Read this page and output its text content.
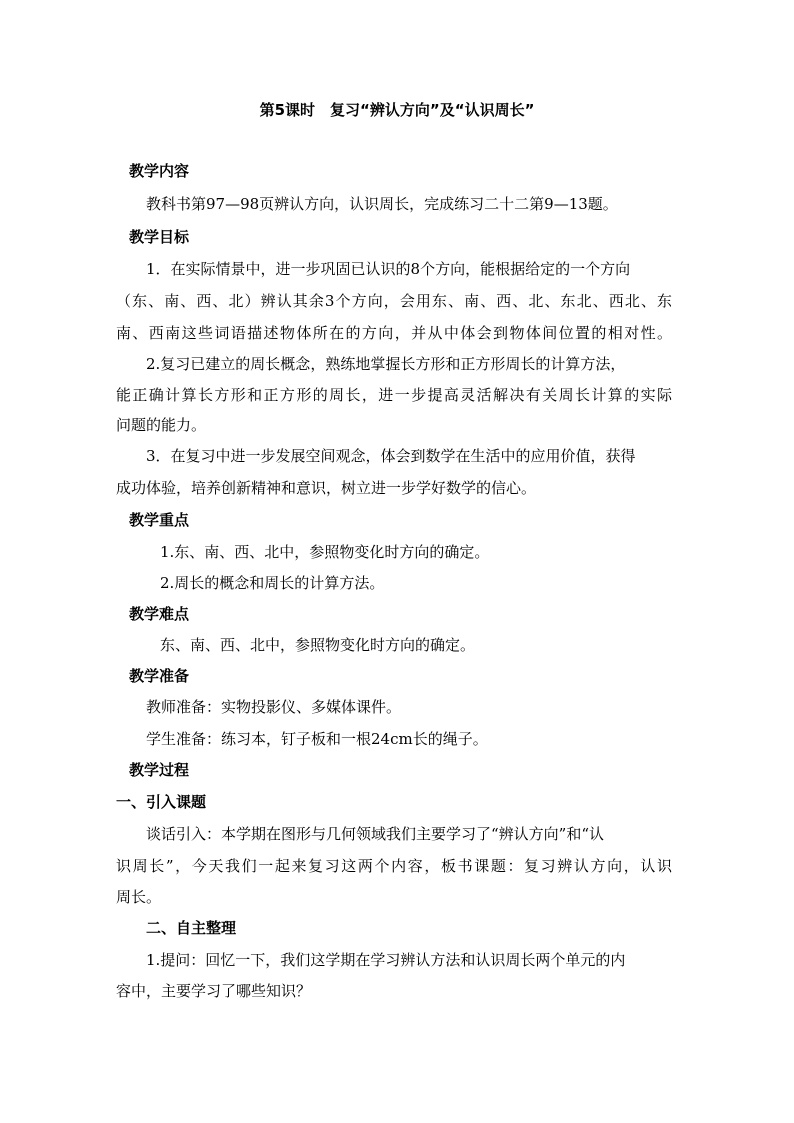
第5课时　复习“辨认方向”及“认识周长”
教学内容
教科书第97—98页辨认方向，认识周长，完成练习二十二第9—13题。
教学目标
1．在实际情景中，进一步巩固已认识的8个方向，能根据给定的一个方向
（东、南、西、北）辨认其余3个方向，会用东、南、西、北、东北、西北、东
南、西南这些词语描述物体所在的方向，并从中体会到物体间位置的相对性。
2.复习已建立的周长概念，熟练地掌握长方形和正方形周长的计算方法，
能正确计算长方形和正方形的周长，进一步提高灵活解决有关周长计算的实际
问题的能力。
3．在复习中进一步发展空间观念，体会到数学在生活中的应用价值，获得
成功体验，培养创新精神和意识，树立进一步学好数学的信心。
教学重点
1.东、南、西、北中，参照物变化时方向的确定。
2.周长的概念和周长的计算方法。
教学难点
东、南、西、北中，参照物变化时方向的确定。
教学准备
教师准备：实物投影仪、多媒体课件。
学生准备：练习本，钉子板和一根24cm长的绳子。
教学过程
一、引入课题
谈话引入：本学期在图形与几何领域我们主要学习了“辨认方向”和“认
识周长”，今天我们一起来复习这两个内容，板书课题：复习辨认方向，认识
周长。
二、自主整理
1.提问：回忆一下，我们这学期在学习辨认方法和认识周长两个单元的内
容中，主要学习了哪些知识？
